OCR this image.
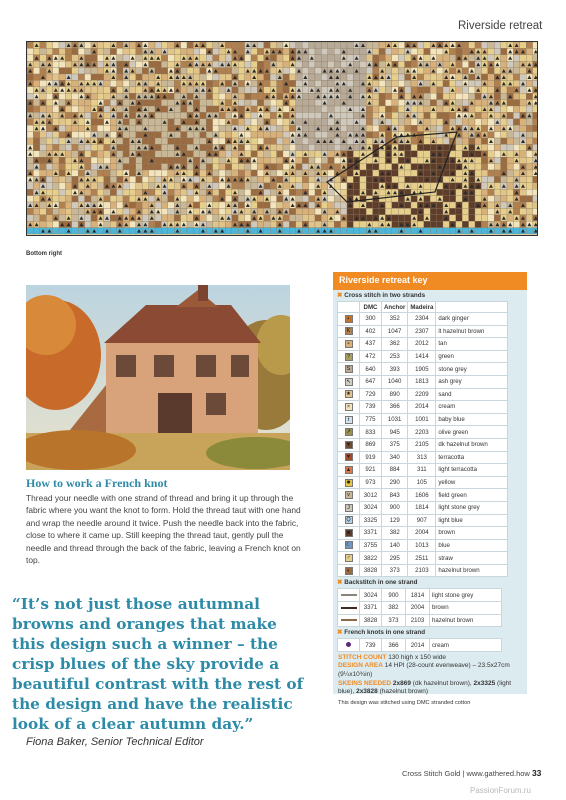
Riverside retreat
Bottom right
How to work a French knot
Thread your needle with one strand of thread and bring it up through the fabric where you want the knot to form. Hold the thread taut with one hand and wrap the needle around it twice. Push the needle back into the fabric, close to where it came up. Still keeping the thread taut, gently pull the needle and thread through the back of the fabric, leaving a French knot on top.
“It’s not just those autumnal browns and oranges that make this design such a winner – the crisp blues of the sky provide a beautiful contrast with the rest of the design and have the realistic look of a clear autumn day.”
Fiona Baker, Senior Technical Editor
Riverside retreat key
✖ Cross stitch in two strands
	DMC	Anchor	Madeira	
▪	300	352	2304	dark ginger
K	402	1047	2307	lt hazelnut brown
∘	437	362	2012	tan
?	472	253	1414	green
S	640	393	1905	stone grey
↖	647	1040	1813	ash grey
★	729	890	2209	sand
×	739	366	2014	cream
t	775	1031	1001	baby blue
↗	833	945	2203	olive green
▼	869	375	2105	dk hazelnut brown
♥	919	340	313	terracotta
▲	921	884	311	light terracotta
✹	973	290	105	yellow
v	3012	843	1606	field green
J	3024	900	1814	light stone grey
Ǭ	3325	129	907	light blue
■	3371	382	2004	brown
☾	3755	140	1013	blue
♂	3822	295	2511	straw
◐	3828	373	2103	hazelnut brown
✖ Backstitch in one strand
	3024	900	1814	light stone grey
	3371	382	2004	brown
	3828	373	2103	hazelnut brown
✖ French knots in one strand
	739	366	2014	cream
STITCH COUNT 130 high x 150 wide
DESIGN AREA 14 HPI (28-count evenweave) – 23.5x27cm (9¼x10¾in)
SKEINS NEEDED 2x869 (dk hazelnut brown), 2x3325 (light blue), 2x3828 (hazelnut brown)
This design was stitched using DMC stranded cotton
Cross Stitch Gold | www.gathered.how 33
PassionForum.ru
